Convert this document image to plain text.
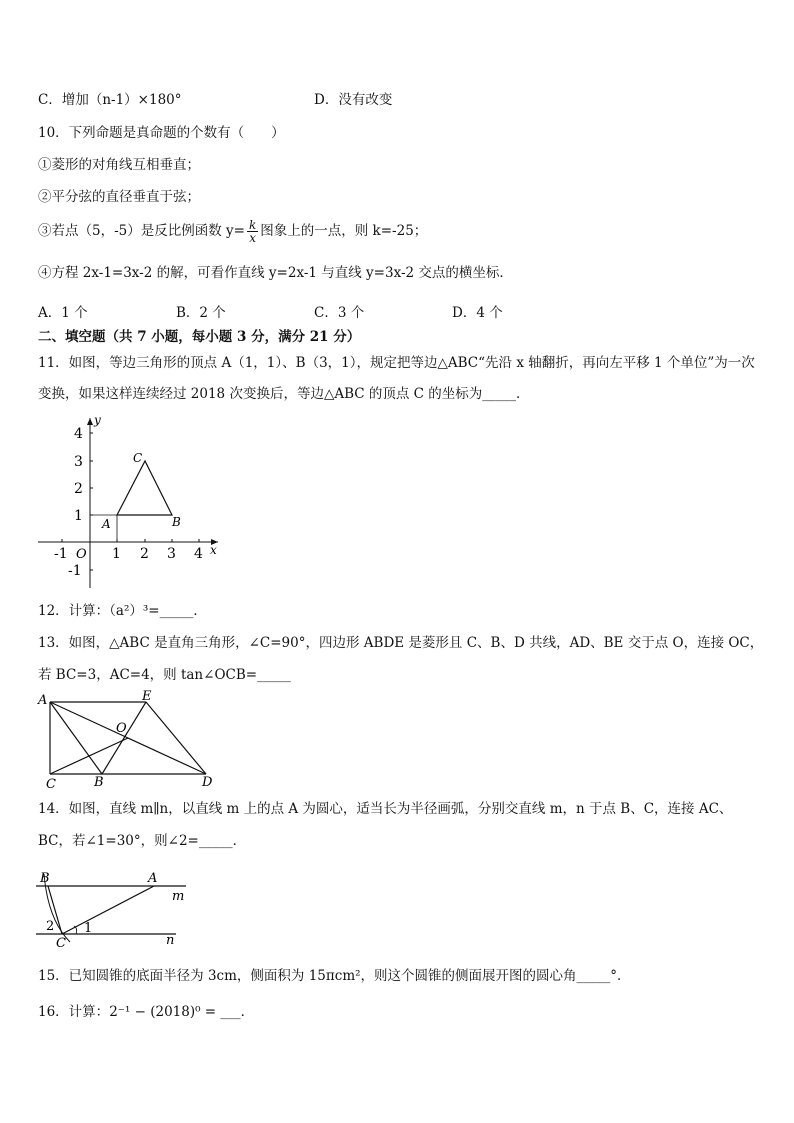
C．增加（n-1）×180°	D．没有改变
10．下列命题是真命题的个数有（　　）
①菱形的对角线互相垂直；
②平分弦的直径垂直于弦；
③若点（5，-5）是反比例函数 $y= \frac{k}{x}$ 图象上的一点，则 k=-25；
④方程 2x-1=3x-2 的解，可看作直线 y=2x-1 与直线 y=3x-2 交点的横坐标．
A．1 个	B．2 个	C．3 个	D．4 个
二、填空题（共 7 小题，每小题 3 分，满分 21 分）
11．如图，等边三角形的顶点 A（1，1）、B（3，1），规定把等边△ABC“先沿 x 轴翻折，再向左平移 1 个单位”为一次
变换，如果这样连续经过 2018 次变换后，等边△ABC 的顶点 C 的坐标为_____．
-1	1 2 3 4
4
3
2
1
-1
O	x
y
A	B
C
12．计算：（a²）³=_____．
13．如图，△ABC 是直角三角形，∠C=90°，四边形 ABDE 是菱形且 C、B、D 共线，AD、BE 交于点 O，连接 OC，
若 BC=3，AC=4，则 tan∠OCB=_____
A	E
O
C	B	D
14．如图，直线 m∥n，以直线 m 上的点 A 为圆心，适当长为半径画弧，分别交直线 m，n 于点 B、C，连接 AC、
BC，若∠1=30°，则∠2=_____．
B	A
m
n
2 1
C
15．已知圆锥的底面半径为 3cm，侧面积为 15πcm²，则这个圆锥的侧面展开图的圆心角_____°．
16．计算：2⁻¹ − (2018)⁰ = ___．
